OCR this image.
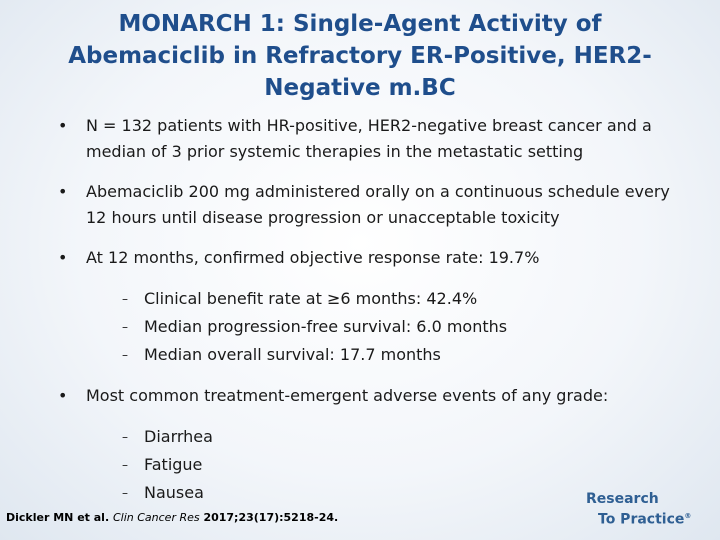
MONARCH 1: Single-Agent Activity of
Abemaciclib in Refractory ER-Positive, HER2-
Negative m.BC
• N = 132 patients with HR-positive, HER2-negative breast cancer and a median of 3 prior systemic therapies in the metastatic setting
• Abemaciclib 200 mg administered orally on a continuous schedule every 12 hours until disease progression or unacceptable toxicity
• At 12 months, confirmed objective response rate: 19.7%
– Clinical benefit rate at ≥6 months: 42.4%
– Median progression-free survival: 6.0 months
– Median overall survival: 17.7 months
• Most common treatment-emergent adverse events of any grade:
– Diarrhea
– Fatigue
– Nausea
Dickler MN et al. Clin Cancer Res 2017;23(17):5218-24.
Research
To Practice®
